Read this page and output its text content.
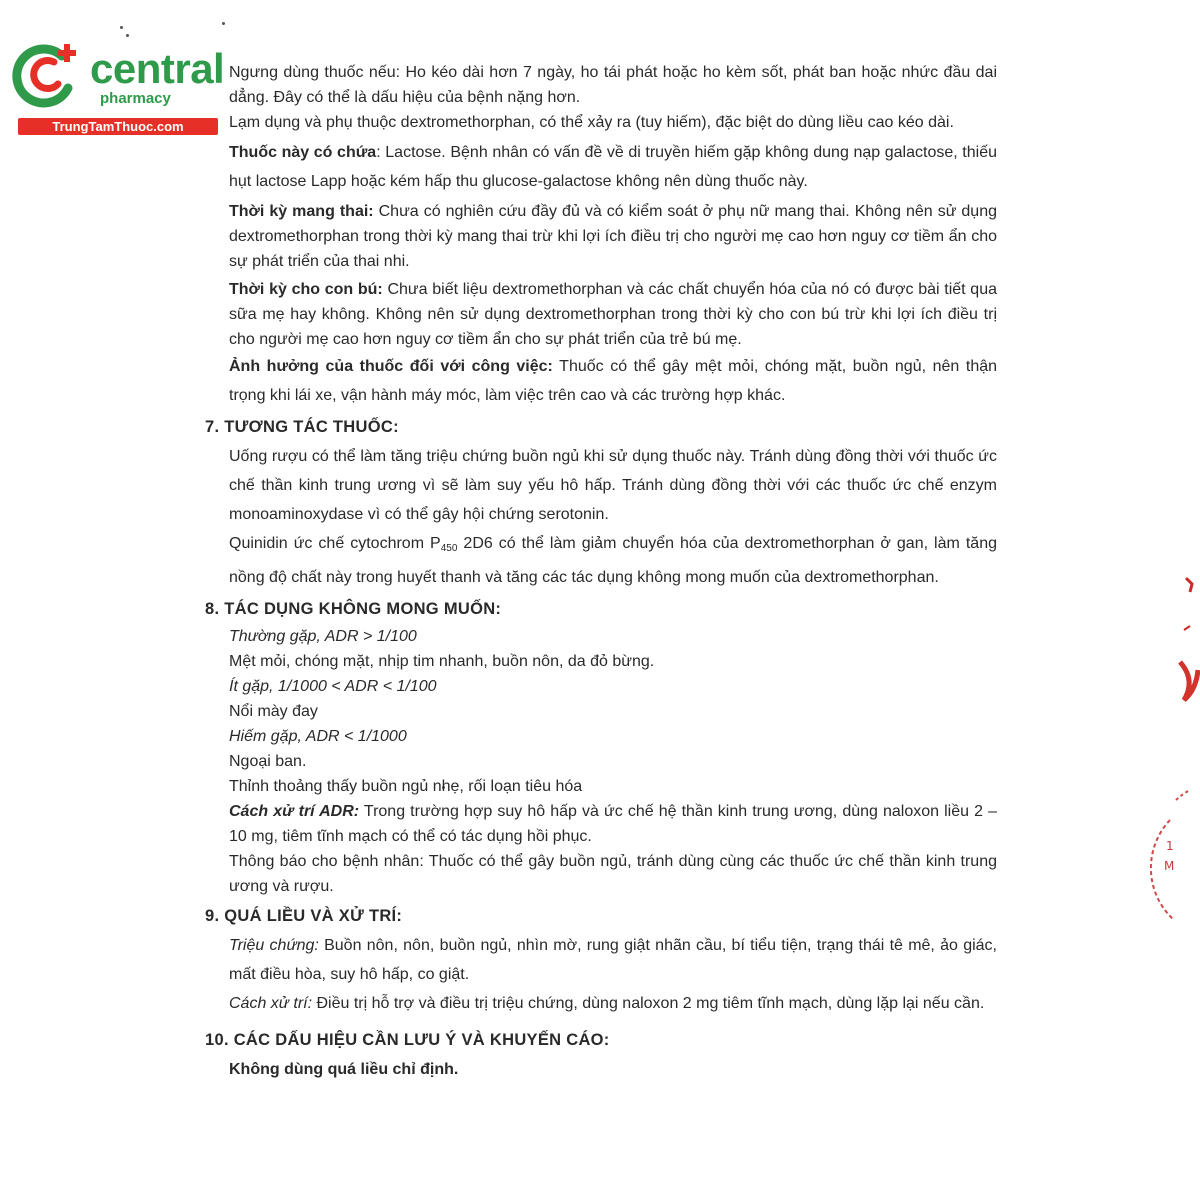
central
pharmacy
TrungTamThuoc.com

Ngưng dùng thuốc nếu: Ho kéo dài hơn 7 ngày, ho tái phát hoặc ho kèm sốt, phát ban hoặc nhức đầu dai dẳng. Đây có thể là dấu hiệu của bệnh nặng hơn.

Lạm dụng và phụ thuộc dextromethorphan, có thể xảy ra (tuy hiếm), đặc biệt do dùng liều cao kéo dài.

Thuốc này có chứa: Lactose. Bệnh nhân có vấn đề về di truyền hiếm gặp không dung nạp galactose, thiếu hụt lactose Lapp hoặc kém hấp thu glucose-galactose không nên dùng thuốc này.

Thời kỳ mang thai: Chưa có nghiên cứu đầy đủ và có kiểm soát ở phụ nữ mang thai. Không nên sử dụng dextromethorphan trong thời kỳ mang thai trừ khi lợi ích điều trị cho người mẹ cao hơn nguy cơ tiềm ẩn cho sự phát triển của thai nhi.

Thời kỳ cho con bú: Chưa biết liệu dextromethorphan và các chất chuyển hóa của nó có được bài tiết qua sữa mẹ hay không. Không nên sử dụng dextromethorphan trong thời kỳ cho con bú trừ khi lợi ích điều trị cho người mẹ cao hơn nguy cơ tiềm ẩn cho sự phát triển của trẻ bú mẹ.

Ảnh hưởng của thuốc đối với công việc: Thuốc có thể gây mệt mỏi, chóng mặt, buồn ngủ, nên thận trọng khi lái xe, vận hành máy móc, làm việc trên cao và các trường hợp khác.

7. TƯƠNG TÁC THUỐC:

Uống rượu có thể làm tăng triệu chứng buồn ngủ khi sử dụng thuốc này. Tránh dùng đồng thời với thuốc ức chế thần kinh trung ương vì sẽ làm suy yếu hô hấp. Tránh dùng đồng thời với các thuốc ức chế enzym monoaminoxydase vì có thể gây hội chứng serotonin.

Quinidin ức chế cytochrom $P_{450}$ 2D6 có thể làm giảm chuyển hóa của dextromethorphan ở gan, làm tăng nồng độ chất này trong huyết thanh và tăng các tác dụng không mong muốn của dextromethorphan.

8. TÁC DỤNG KHÔNG MONG MUỐN:

Thường gặp, ADR > 1/100

Mệt mỏi, chóng mặt, nhịp tim nhanh, buồn nôn, da đỏ bừng.

Ít gặp, 1/1000 < ADR < 1/100

Nổi mày đay

Hiếm gặp, ADR < 1/1000

Ngoại ban.

Thỉnh thoảng thấy buồn ngủ nhẹ, rối loạn tiêu hóa

Cách xử trí ADR: Trong trường hợp suy hô hấp và ức chế hệ thần kinh trung ương, dùng naloxon liều 2 – 10 mg, tiêm tĩnh mạch có thể có tác dụng hồi phục.

Thông báo cho bệnh nhân: Thuốc có thể gây buồn ngủ, tránh dùng cùng các thuốc ức chế thần kinh trung ương và rượu.

9. QUÁ LIỀU VÀ XỬ TRÍ:

Triệu chứng: Buồn nôn, nôn, buồn ngủ, nhìn mờ, rung giật nhãn cầu, bí tiểu tiện, trạng thái tê mê, ảo giác, mất điều hòa, suy hô hấp, co giật.

Cách xử trí: Điều trị hỗ trợ và điều trị triệu chứng, dùng naloxon 2 mg tiêm tĩnh mạch, dùng lặp lại nếu cần.

10. CÁC DẤU HIỆU CẦN LƯU Ý VÀ KHUYẾN CÁO:

Không dùng quá liều chỉ định.

1
M
